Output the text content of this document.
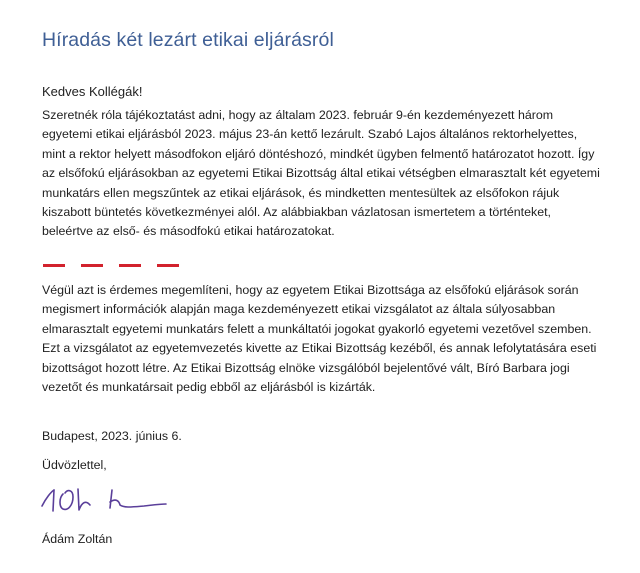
Híradás két lezárt etikai eljárásról

Kedves Kollégák!

Szeretnék róla tájékoztatást adni, hogy az általam 2023. február 9-én kezdeményezett három egyetemi etikai eljárásból 2023. május 23-án kettő lezárult. Szabó Lajos általános rektorhelyettes, mint a rektor helyett másodfokon eljáró döntéshozó, mindkét ügyben felmentő határozatot hozott. Így az elsőfokú eljárásokban az egyetemi Etikai Bizottság által etikai vétségben elmarasztalt két egyetemi munkatárs ellen megszűntek az etikai eljárások, és mindketten mentesültek az elsőfokon rájuk kiszabott büntetés következményei alól. Az alábbiakban vázlatosan ismertetem a történteket, beleértve az első- és másodfokú etikai határozatokat.

Végül azt is érdemes megemlíteni, hogy az egyetem Etikai Bizottsága az elsőfokú eljárások során megismert információk alapján maga kezdeményezett etikai vizsgálatot az általa súlyosabban elmarasztalt egyetemi munkatárs felett a munkáltatói jogokat gyakorló egyetemi vezetővel szemben. Ezt a vizsgálatot az egyetemvezetés kivette az Etikai Bizottság kezéből, és annak lefolytatására eseti bizottságot hozott létre. Az Etikai Bizottság elnöke vizsgálóból bejelentővé vált, Bíró Barbara jogi vezetőt és munkatársait pedig ebből az eljárásból is kizárták.

Budapest, 2023. június 6.

Üdvözlettel,

Ádám Zoltán
